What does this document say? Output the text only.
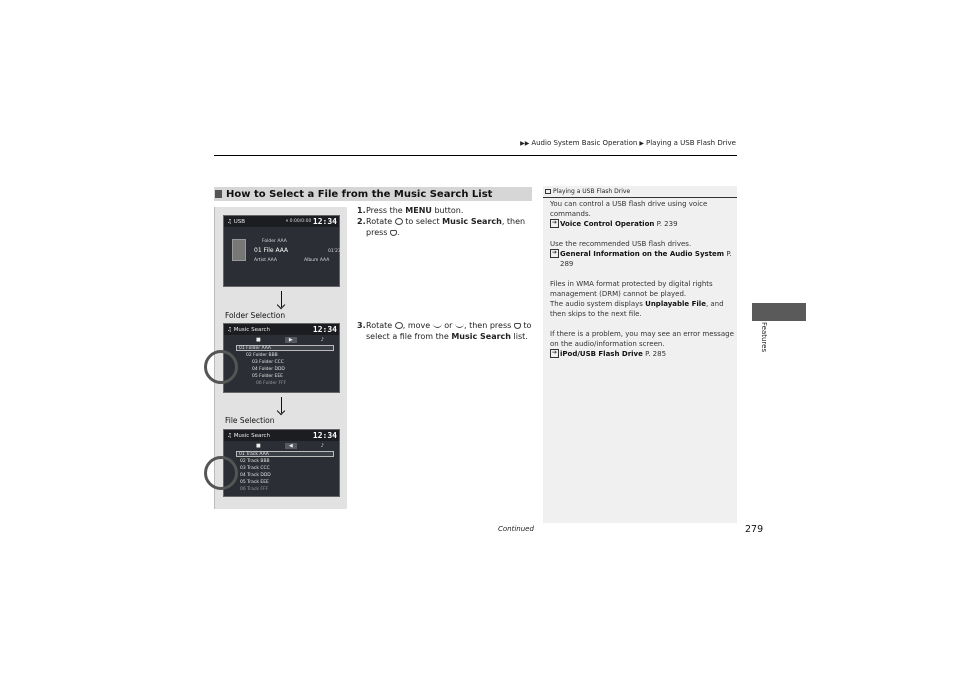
▶▶ Audio System Basic Operation ▶ Playing a USB Flash Drive
How to Select a File from the Music Search List
♫ USB	⏸ 0:00/0:00 12:34
Folder AAA
01 File AAA	01'23"
Artist AAA	Album AAA
Folder Selection
♫ Music Search	12:34
■	▶	♪
01 Folder AAA
02 Folder BBB
03 Folder CCC
04 Folder DDD
05 Folder EEE
06 Folder FFF
File Selection
♫ Music Search	12:34
■	◀	♪
01 Track AAA
02 Track BBB
03 Track CCC
04 Track DDD
05 Track EEE
06 Track FFF
1. Press the MENU button.
2. Rotate  to select Music Search, then press .
3. Rotate , move  or , then press  to select a file from the Music Search list.
Playing a USB Flash Drive
You can control a USB flash drive using voice commands.
➔ Voice Control Operation P. 239
Use the recommended USB flash drives.
➔ General Information on the Audio System P. 289
Files in WMA format protected by digital rights management (DRM) cannot be played.
The audio system displays Unplayable File, and then skips to the next file.
If there is a problem, you may see an error message on the audio/information screen.
➔ iPod/USB Flash Drive P. 285
Features
Continued	279
